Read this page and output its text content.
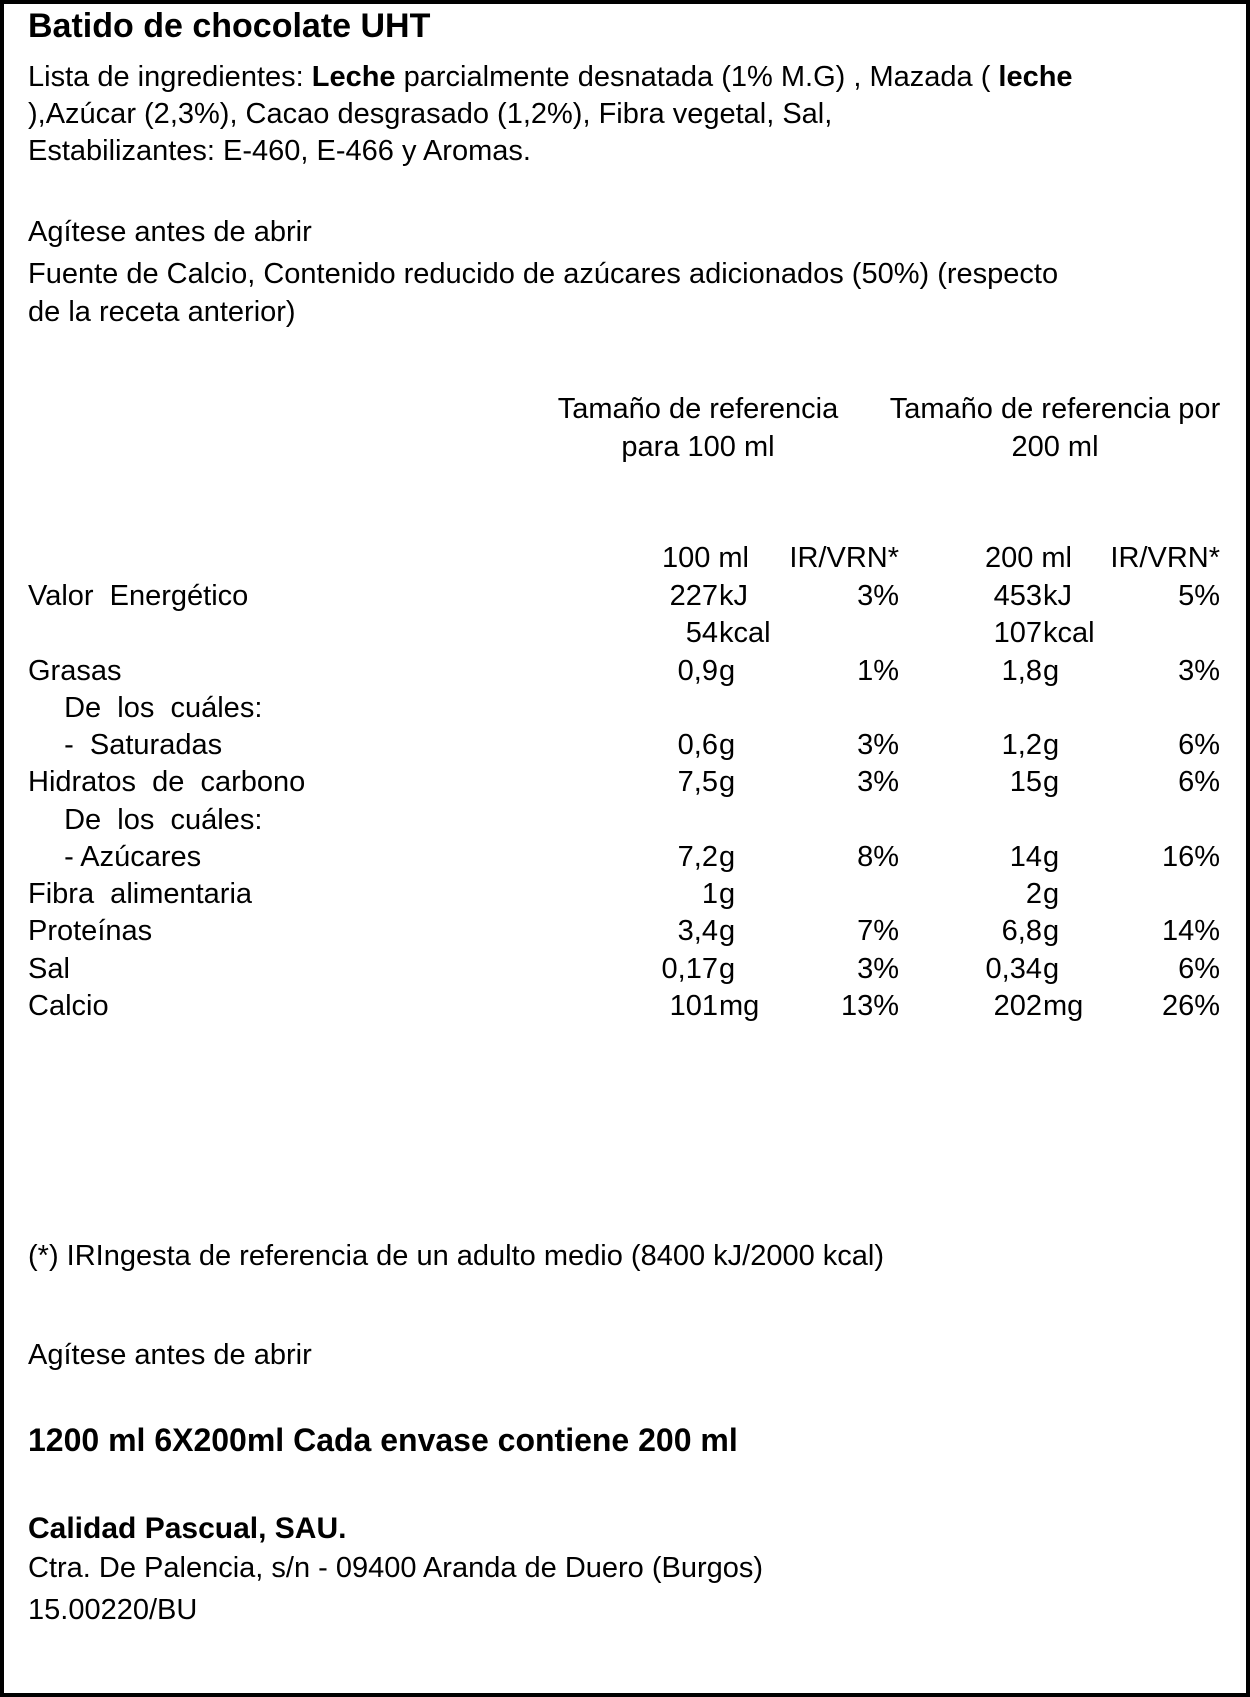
Batido de chocolate UHT
Lista de ingredientes: Leche parcialmente desnatada (1% M.G) , Mazada ( leche
),Azúcar (2,3%), Cacao desgrasado (1,2%), Fibra vegetal, Sal,
Estabilizantes: E-460, E-466 y Aromas.
Agítese antes de abrir
Fuente de Calcio, Contenido reducido de azúcares adicionados (50%) (respecto
de la receta anterior)
Tamaño de referencia
para 100 ml
Tamaño de referencia por
200 ml
100 ml IR/VRN*	200 ml IR/VRN*
Valor  Energético	227 kJ	3%	453 kJ	5%
54 kcal	107 kcal
Grasas	0,9 g	1%	1,8 g	3%
De  los  cuáles:
-  Saturadas	0,6 g	3%	1,2 g	6%
Hidratos  de  carbono	7,5 g	3%	15 g	6%
De  los  cuáles:
- Azúcares	7,2 g	8%	14 g	16%
Fibra  alimentaria	1 g	2 g
Proteínas	3,4 g	7%	6,8 g	14%
Sal	0,17 g	3%	0,34 g	6%
Calcio	101 mg	13%	202 mg	26%
(*) IRIngesta de referencia de un adulto medio (8400 kJ/2000 kcal)
Agítese antes de abrir
1200 ml 6X200ml Cada envase contiene 200 ml
Calidad Pascual, SAU.
Ctra. De Palencia, s/n - 09400 Aranda de Duero (Burgos)
15.00220/BU
